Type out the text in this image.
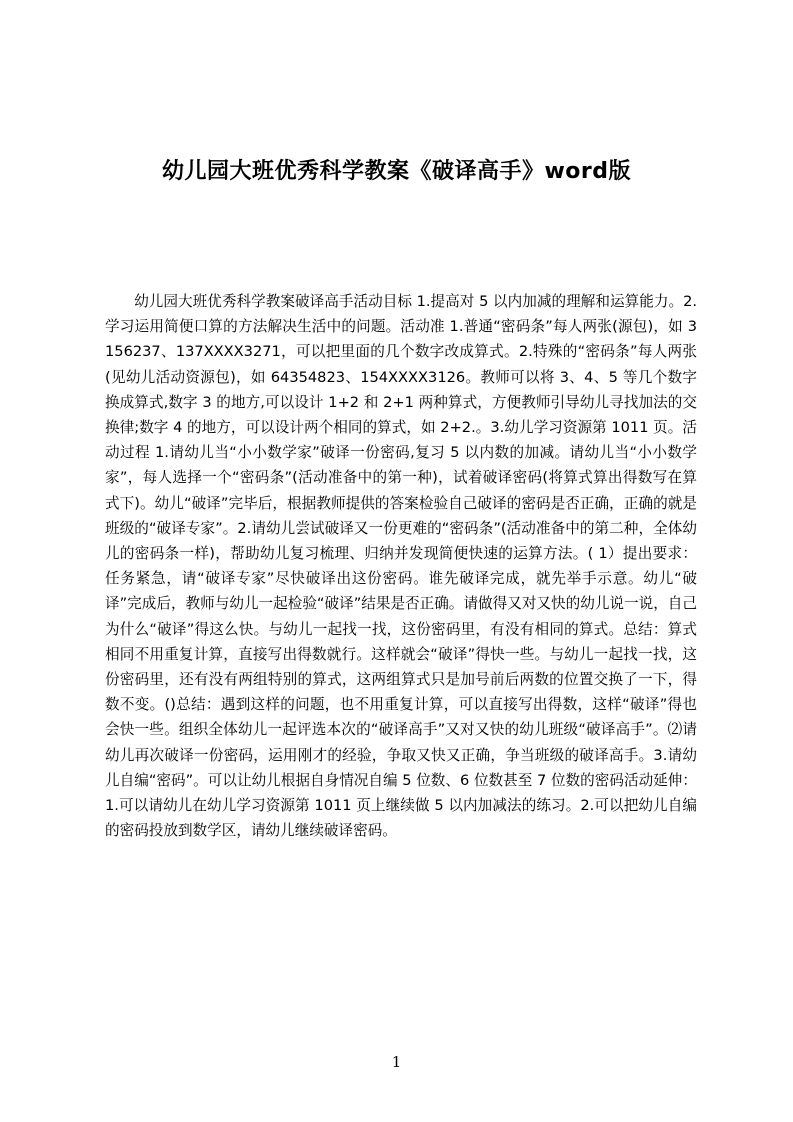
幼儿园大班优秀科学教案《破译高手》word版

幼儿园大班优秀科学教案破译高手活动目标 1.提高对 5 以内加减的理解和运算能力。2.学习运用简便口算的方法解决生活中的问题。活动准 1.普通“密码条”每人两张(源包)，如 3156237、137XXXX3271，可以把里面的几个数字改成算式。2.特殊的“密码条”每人两张(见幼儿活动资源包)，如 64354823、154XXXX3126。教师可以将 3、4、5 等几个数字换成算式,数字 3 的地方,可以设计 1+2 和 2+1 两种算式，方便教师引导幼儿寻找加法的交换律;数字 4 的地方，可以设计两个相同的算式，如 2+2.。3.幼儿学习资源第 1011 页。活动过程 1.请幼儿当“小小数学家”破译一份密码,复习 5 以内数的加减。请幼儿当“小小数学家”，每人选择一个“密码条”(活动准备中的第一种)，试着破译密码(将算式算出得数写在算式下)。幼儿“破译”完毕后，根据教师提供的答案检验自己破译的密码是否正确，正确的就是班级的“破译专家”。2.请幼儿尝试破译又一份更难的“密码条”(活动准备中的第二种，全体幼儿的密码条一样)，帮助幼儿复习梳理、归纳并发现简便快速的运算方法。( 1）提出要求：任务紧急，请“破译专家”尽快破译出这份密码。谁先破译完成，就先举手示意。幼儿“破译”完成后，教师与幼儿一起检验“破译”结果是否正确。请做得又对又快的幼儿说一说，自己为什么“破译”得这么快。与幼儿一起找一找，这份密码里，有没有相同的算式。总结：算式相同不用重复计算，直接写出得数就行。这样就会“破译”得快一些。与幼儿一起找一找，这份密码里，还有没有两组特别的算式，这两组算式只是加号前后两数的位置交换了一下，得数不变。()总结：遇到这样的问题，也不用重复计算，可以直接写出得数，这样“破译”得也会快一些。组织全体幼儿一起评选本次的“破译高手”又对又快的幼儿班级“破译高手”。⑵请幼儿再次破译一份密码，运用刚才的经验，争取又快又正确，争当班级的破译高手。3.请幼儿自编“密码”。可以让幼儿根据自身情况自编 5 位数、6 位数甚至 7 位数的密码活动延伸：1.可以请幼儿在幼儿学习资源第 1011 页上继续做 5 以内加减法的练习。2.可以把幼儿自编的密码投放到数学区，请幼儿继续破译密码。

1
